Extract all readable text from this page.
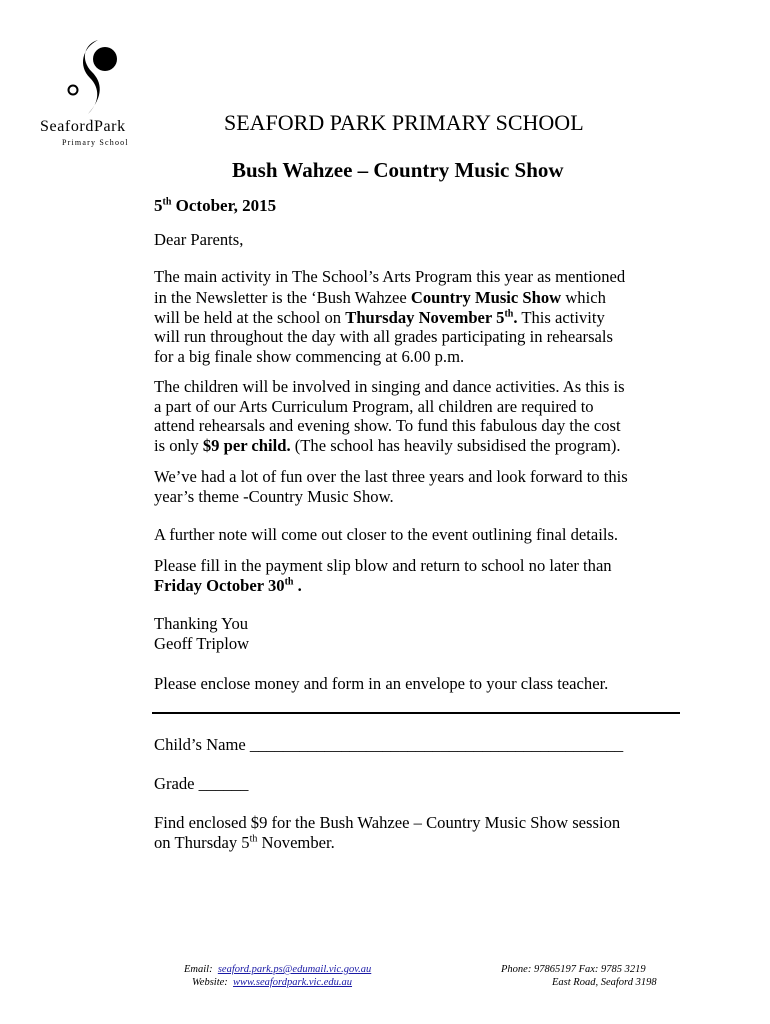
SeafordPark
Primary School
SEAFORD PARK PRIMARY SCHOOL
Bush Wahzee – Country Music Show
5th October, 2015
Dear Parents,
The main activity in The School’s Arts Program this year as mentioned
in the Newsletter is the ‘Bush Wahzee Country Music Show which
will be held at the school on Thursday November 5th. This activity
will run throughout the day with all grades participating in rehearsals
for a big finale show commencing at 6.00 p.m.
The children will be involved in singing and dance activities. As this is
a part of our Arts Curriculum Program, all children are required to
attend rehearsals and evening show. To fund this fabulous day the cost
is only $9 per child. (The school has heavily subsidised the program).
We’ve had a lot of fun over the last three years and look forward to this
year’s theme -Country Music Show.
A further note will come out closer to the event outlining final details.
Please fill in the payment slip blow and return to school no later than
Friday October 30th .
Thanking You
Geoff Triplow
Please enclose money and form in an envelope to your class teacher.
Child’s Name _____________________________________________
Grade ______
Find enclosed $9 for the Bush Wahzee – Country Music Show session
on Thursday 5th November.
Email: seaford.park.ps@edumail.vic.gov.au
Website: www.seafordpark.vic.edu.au
Phone: 97865197 Fax: 9785 3219
East Road, Seaford 3198
